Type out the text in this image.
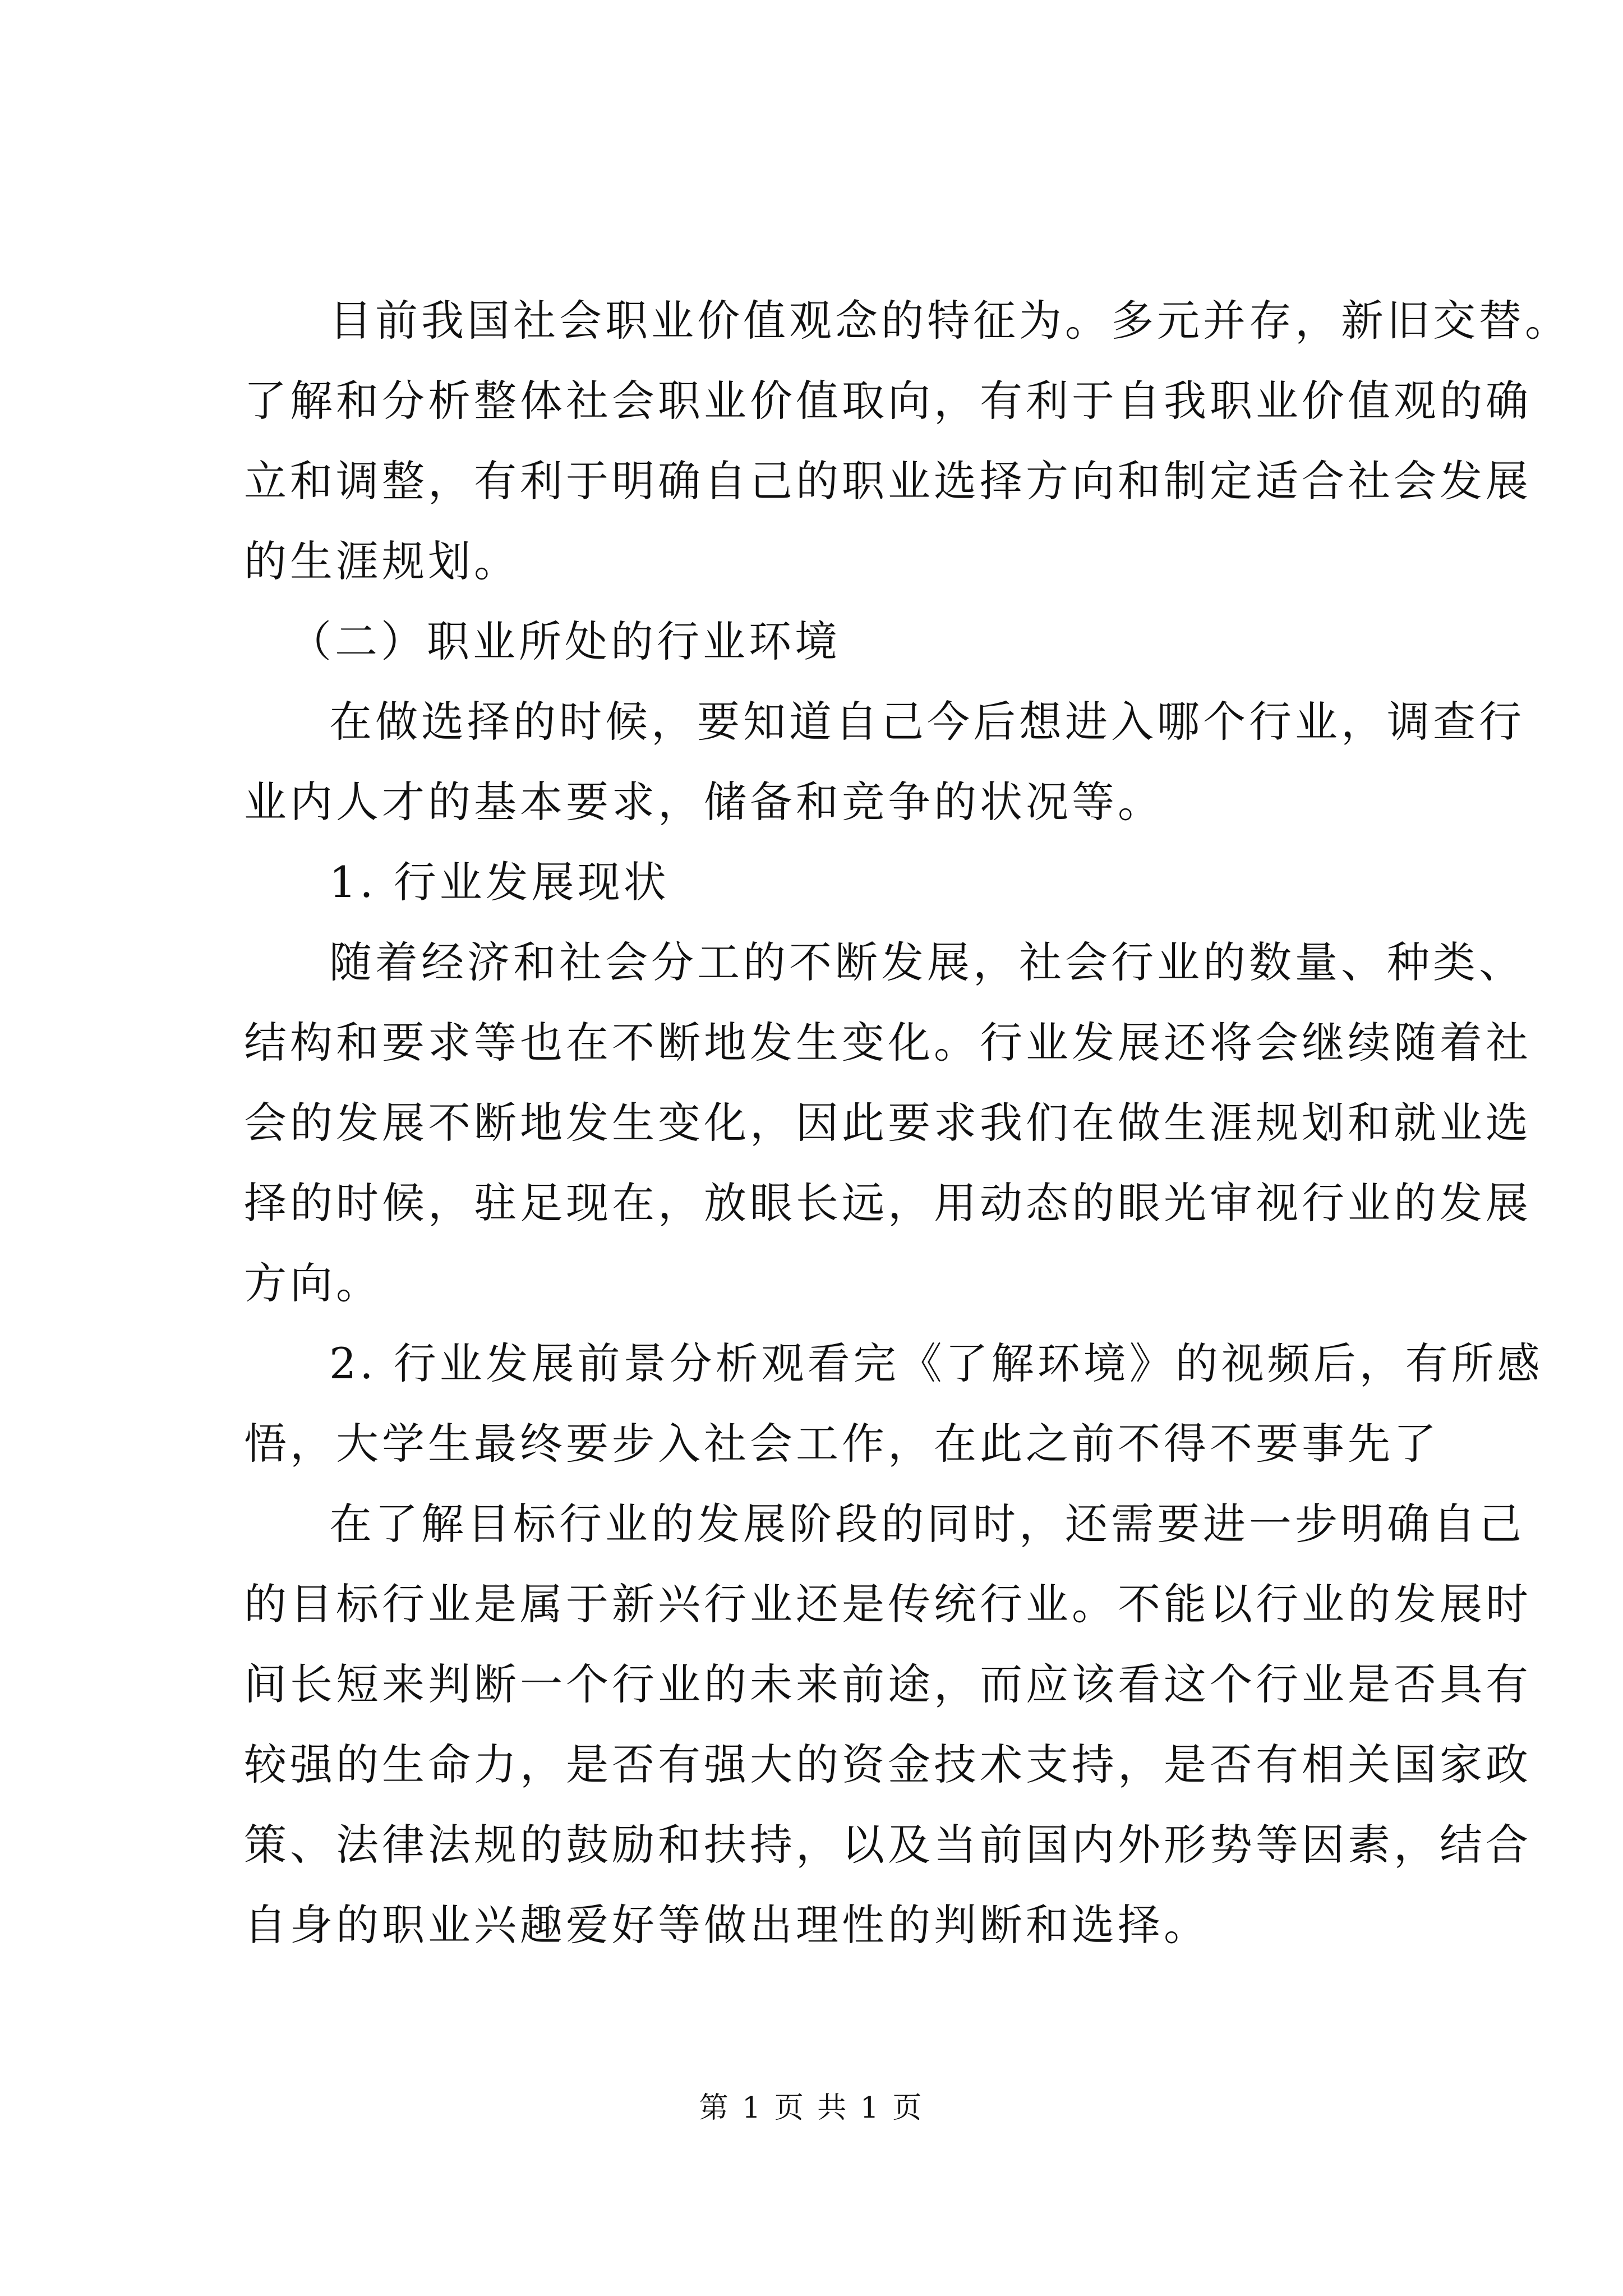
目前我国社会职业价值观念的特征为。多元并存，新旧交替。
了解和分析整体社会职业价值取向，有利于自我职业价值观的确
立和调整，有利于明确自己的职业选择方向和制定适合社会发展
的生涯规划。
（二）职业所处的行业环境
在做选择的时候，要知道自己今后想进入哪个行业，调查行
业内人才的基本要求，储备和竞争的状况等。
1. 行业发展现状
随着经济和社会分工的不断发展，社会行业的数量、种类、
结构和要求等也在不断地发生变化。行业发展还将会继续随着社
会的发展不断地发生变化，因此要求我们在做生涯规划和就业选
择的时候，驻足现在，放眼长远，用动态的眼光审视行业的发展
方向。
2. 行业发展前景分析观看完《了解环境》的视频后，有所感
悟，大学生最终要步入社会工作，在此之前不得不要事先了
在了解目标行业的发展阶段的同时，还需要进一步明确自己
的目标行业是属于新兴行业还是传统行业。不能以行业的发展时
间长短来判断一个行业的未来前途，而应该看这个行业是否具有
较强的生命力，是否有强大的资金技术支持，是否有相关国家政
策、法律法规的鼓励和扶持，以及当前国内外形势等因素，结合
自身的职业兴趣爱好等做出理性的判断和选择。
第 1 页 共 1 页
